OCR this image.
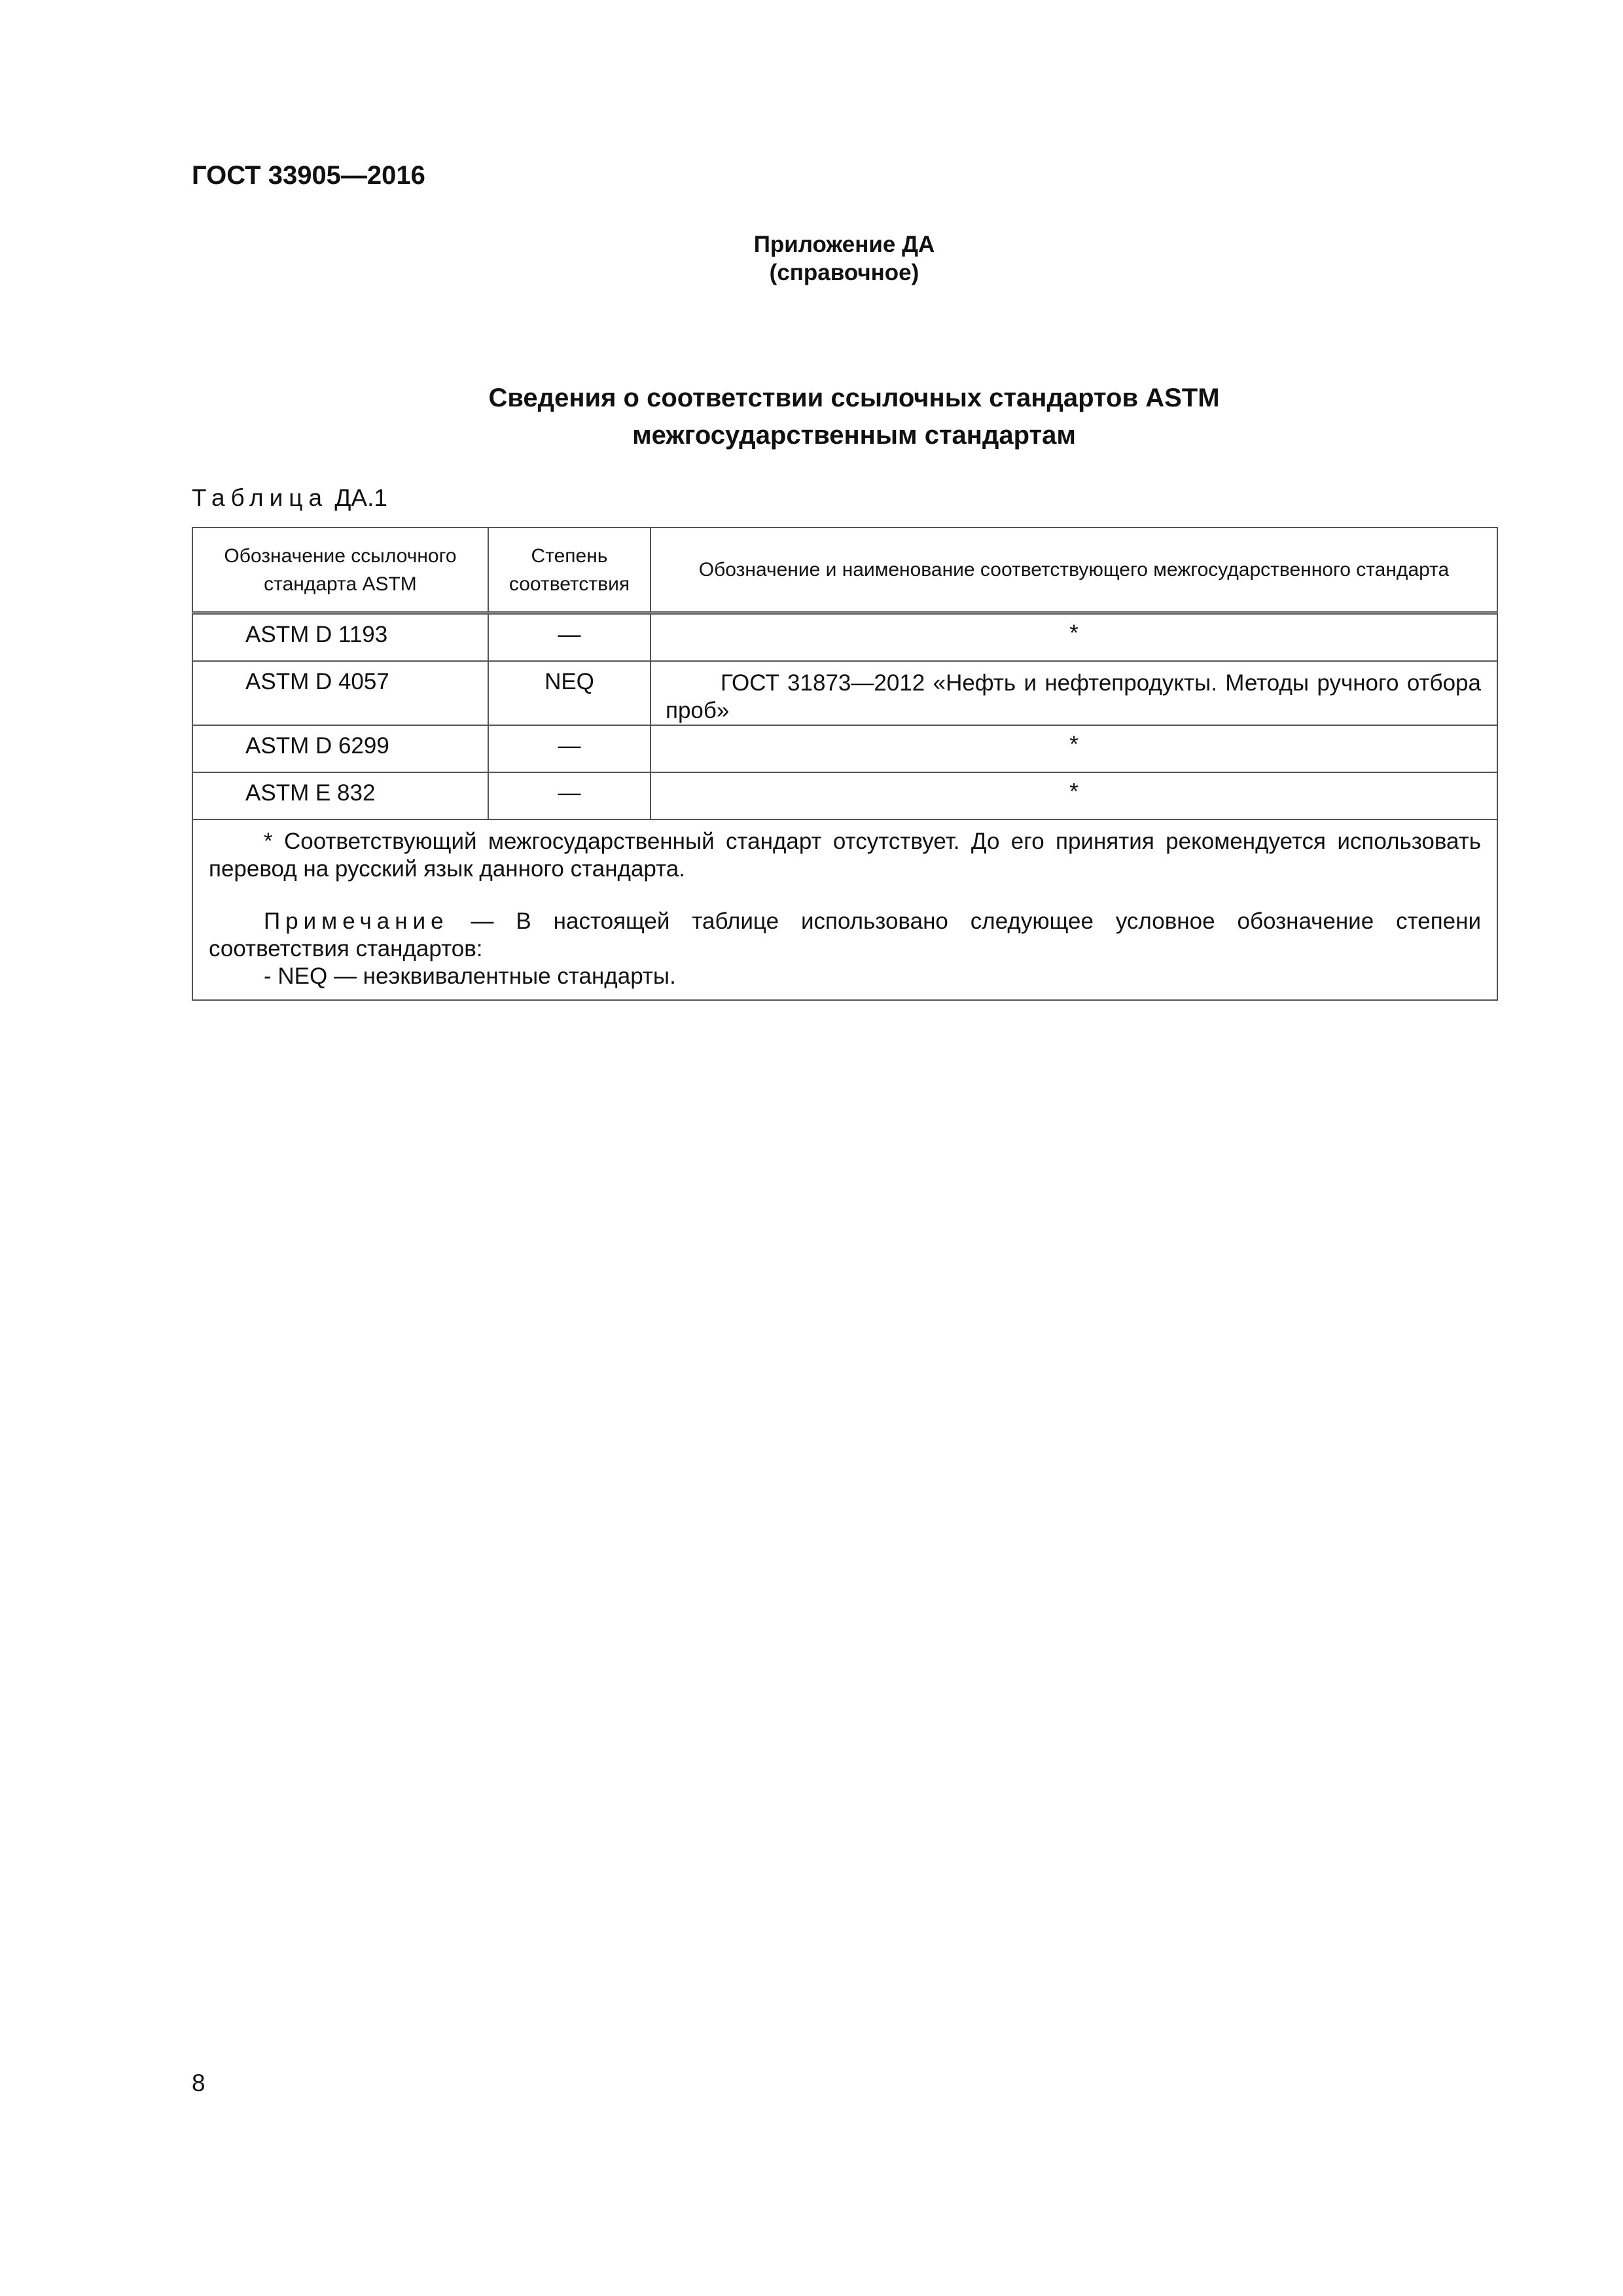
ГОСТ 33905—2016
Приложение ДА
(справочное)
Сведения о соответствии ссылочных стандартов ASTM
межгосударственным стандартам
Таблица ДА.1
Обозначение ссылочного стандарта ASTM	Степень соответствия	Обозначение и наименование соответствующего межгосударственного стандарта
ASTM D 1193	—	*
ASTM D 4057	NEQ	ГОСТ 31873—2012 «Нефть и нефтепродукты. Методы ручного отбора проб»

ASTM D 6299	—	*
ASTM E 832	—	*

* Соответствующий межгосударственный стандарт отсутствует. До его принятия рекомендуется использовать перевод на русский язык данного стандарта.

Примечание — В настоящей таблице использовано следующее условное обозначение степени соответствия стандартов:

- NEQ — неэквивалентные стандарты.		

8
